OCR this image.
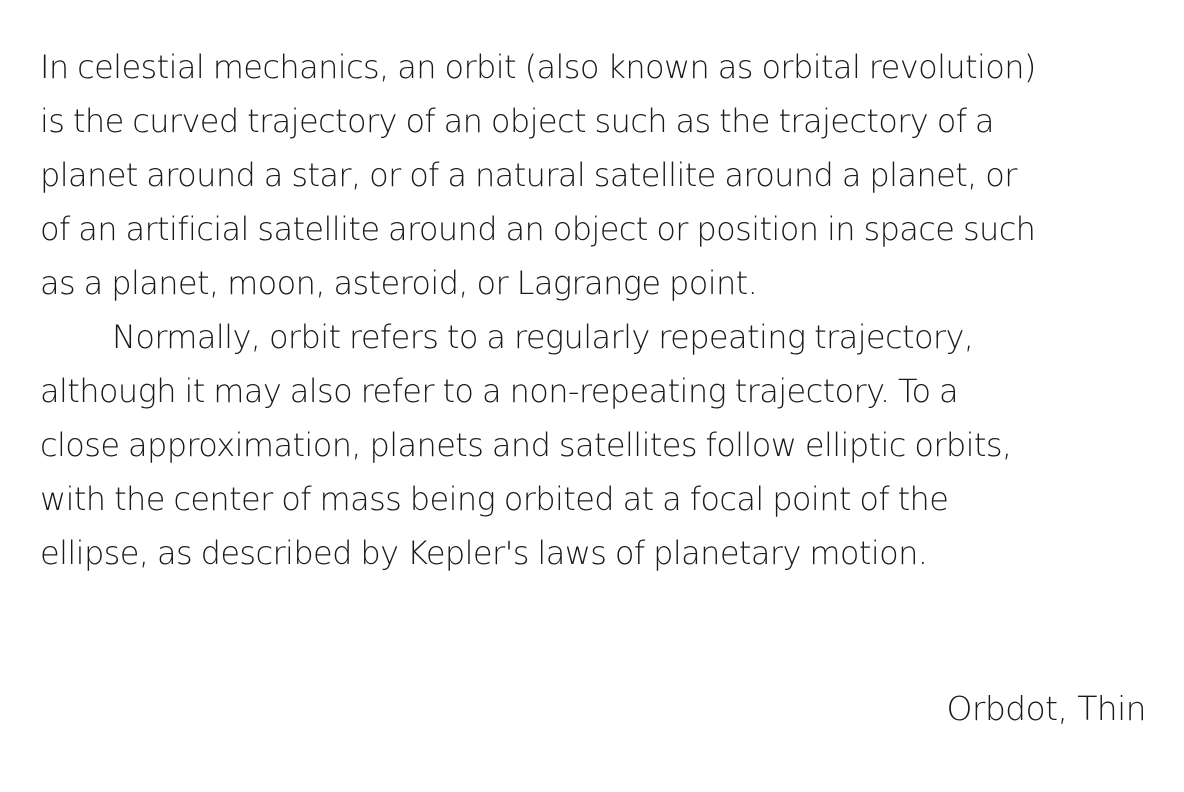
In celestial mechanics, an orbit (also known as orbital revolution)
is the curved trajectory of an object such as the trajectory of a
planet around a star, or of a natural satellite around a planet, or
of an artificial satellite around an object or position in space such
as a planet, moon, asteroid, or Lagrange point.
Normally, orbit refers to a regularly repeating trajectory,
although it may also refer to a non-repeating trajectory. To a
close approximation, planets and satellites follow elliptic orbits,
with the center of mass being orbited at a focal point of the
ellipse, as described by Kepler's laws of planetary motion.
Orbdot, Thin
